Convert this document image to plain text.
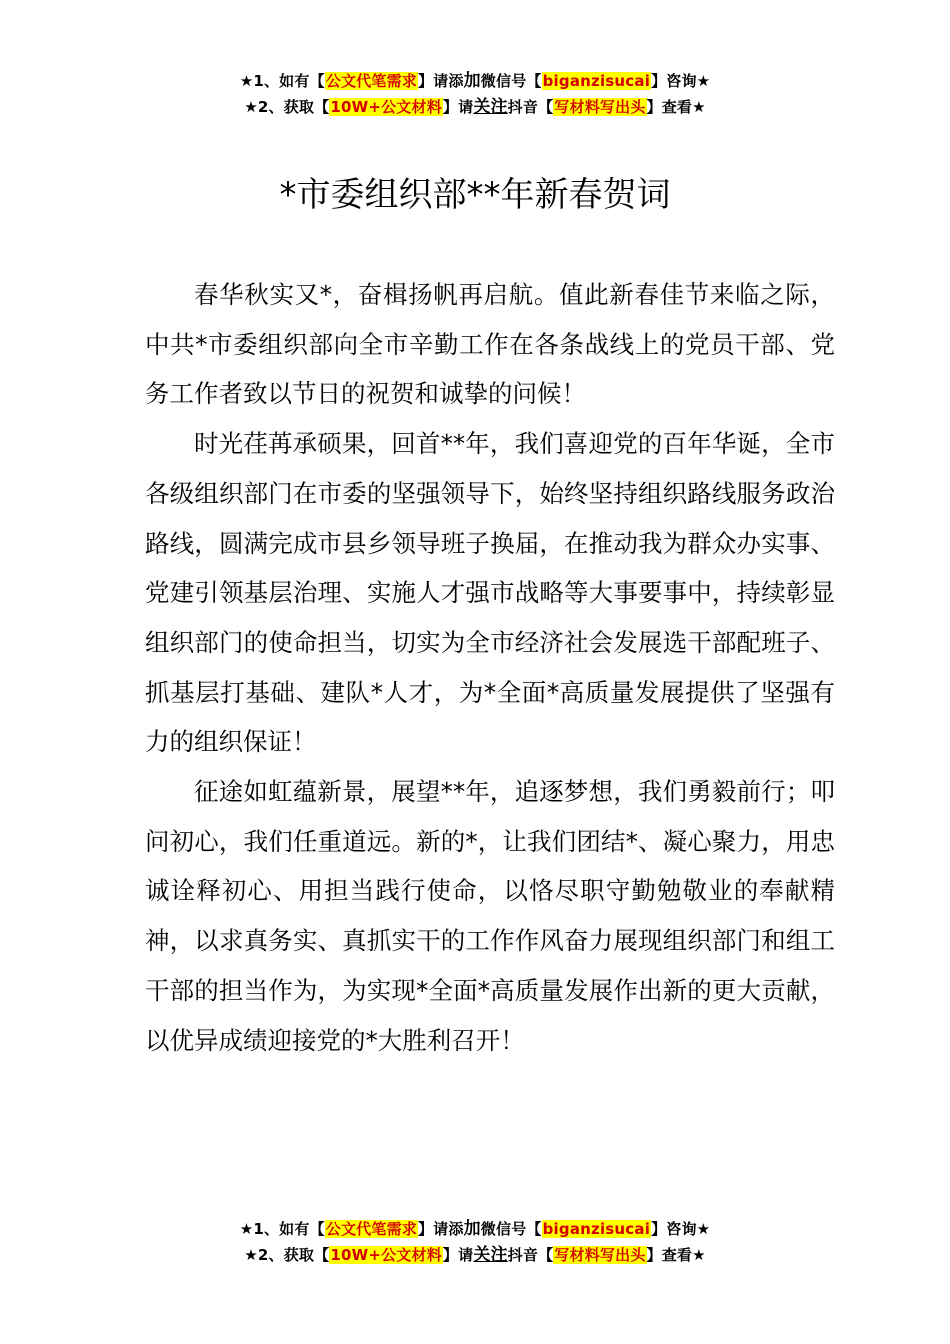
★1、如有【公文代笔需求】请添加微信号【biganzisucai】咨询★
★2、获取【10W+公文材料】请关注抖音【写材料写出头】查看★
*市委组织部**年新春贺词

春华秋实又*，奋楫扬帆再启航。值此新春佳节来临之际，中共*市委组织部向全市辛勤工作在各条战线上的党员干部、党务工作者致以节日的祝贺和诚挚的问候！

时光荏苒承硕果，回首**年，我们喜迎党的百年华诞，全市各级组织部门在市委的坚强领导下，始终坚持组织路线服务政治路线，圆满完成市县乡领导班子换届，在推动我为群众办实事、党建引领基层治理、实施人才强市战略等大事要事中，持续彰显组织部门的使命担当，切实为全市经济社会发展选干部配班子、抓基层打基础、建队*人才，为*全面*高质量发展提供了坚强有力的组织保证！

征途如虹蕴新景，展望**年，追逐梦想，我们勇毅前行；叩问初心，我们任重道远。新的*，让我们团结*、凝心聚力，用忠诚诠释初心、用担当践行使命，以恪尽职守勤勉敬业的奉献精神，以求真务实、真抓实干的工作作风奋力展现组织部门和组工干部的担当作为，为实现*全面*高质量发展作出新的更大贡献，以优异成绩迎接党的*大胜利召开！

★1、如有【公文代笔需求】请添加微信号【biganzisucai】咨询★
★2、获取【10W+公文材料】请关注抖音【写材料写出头】查看★
